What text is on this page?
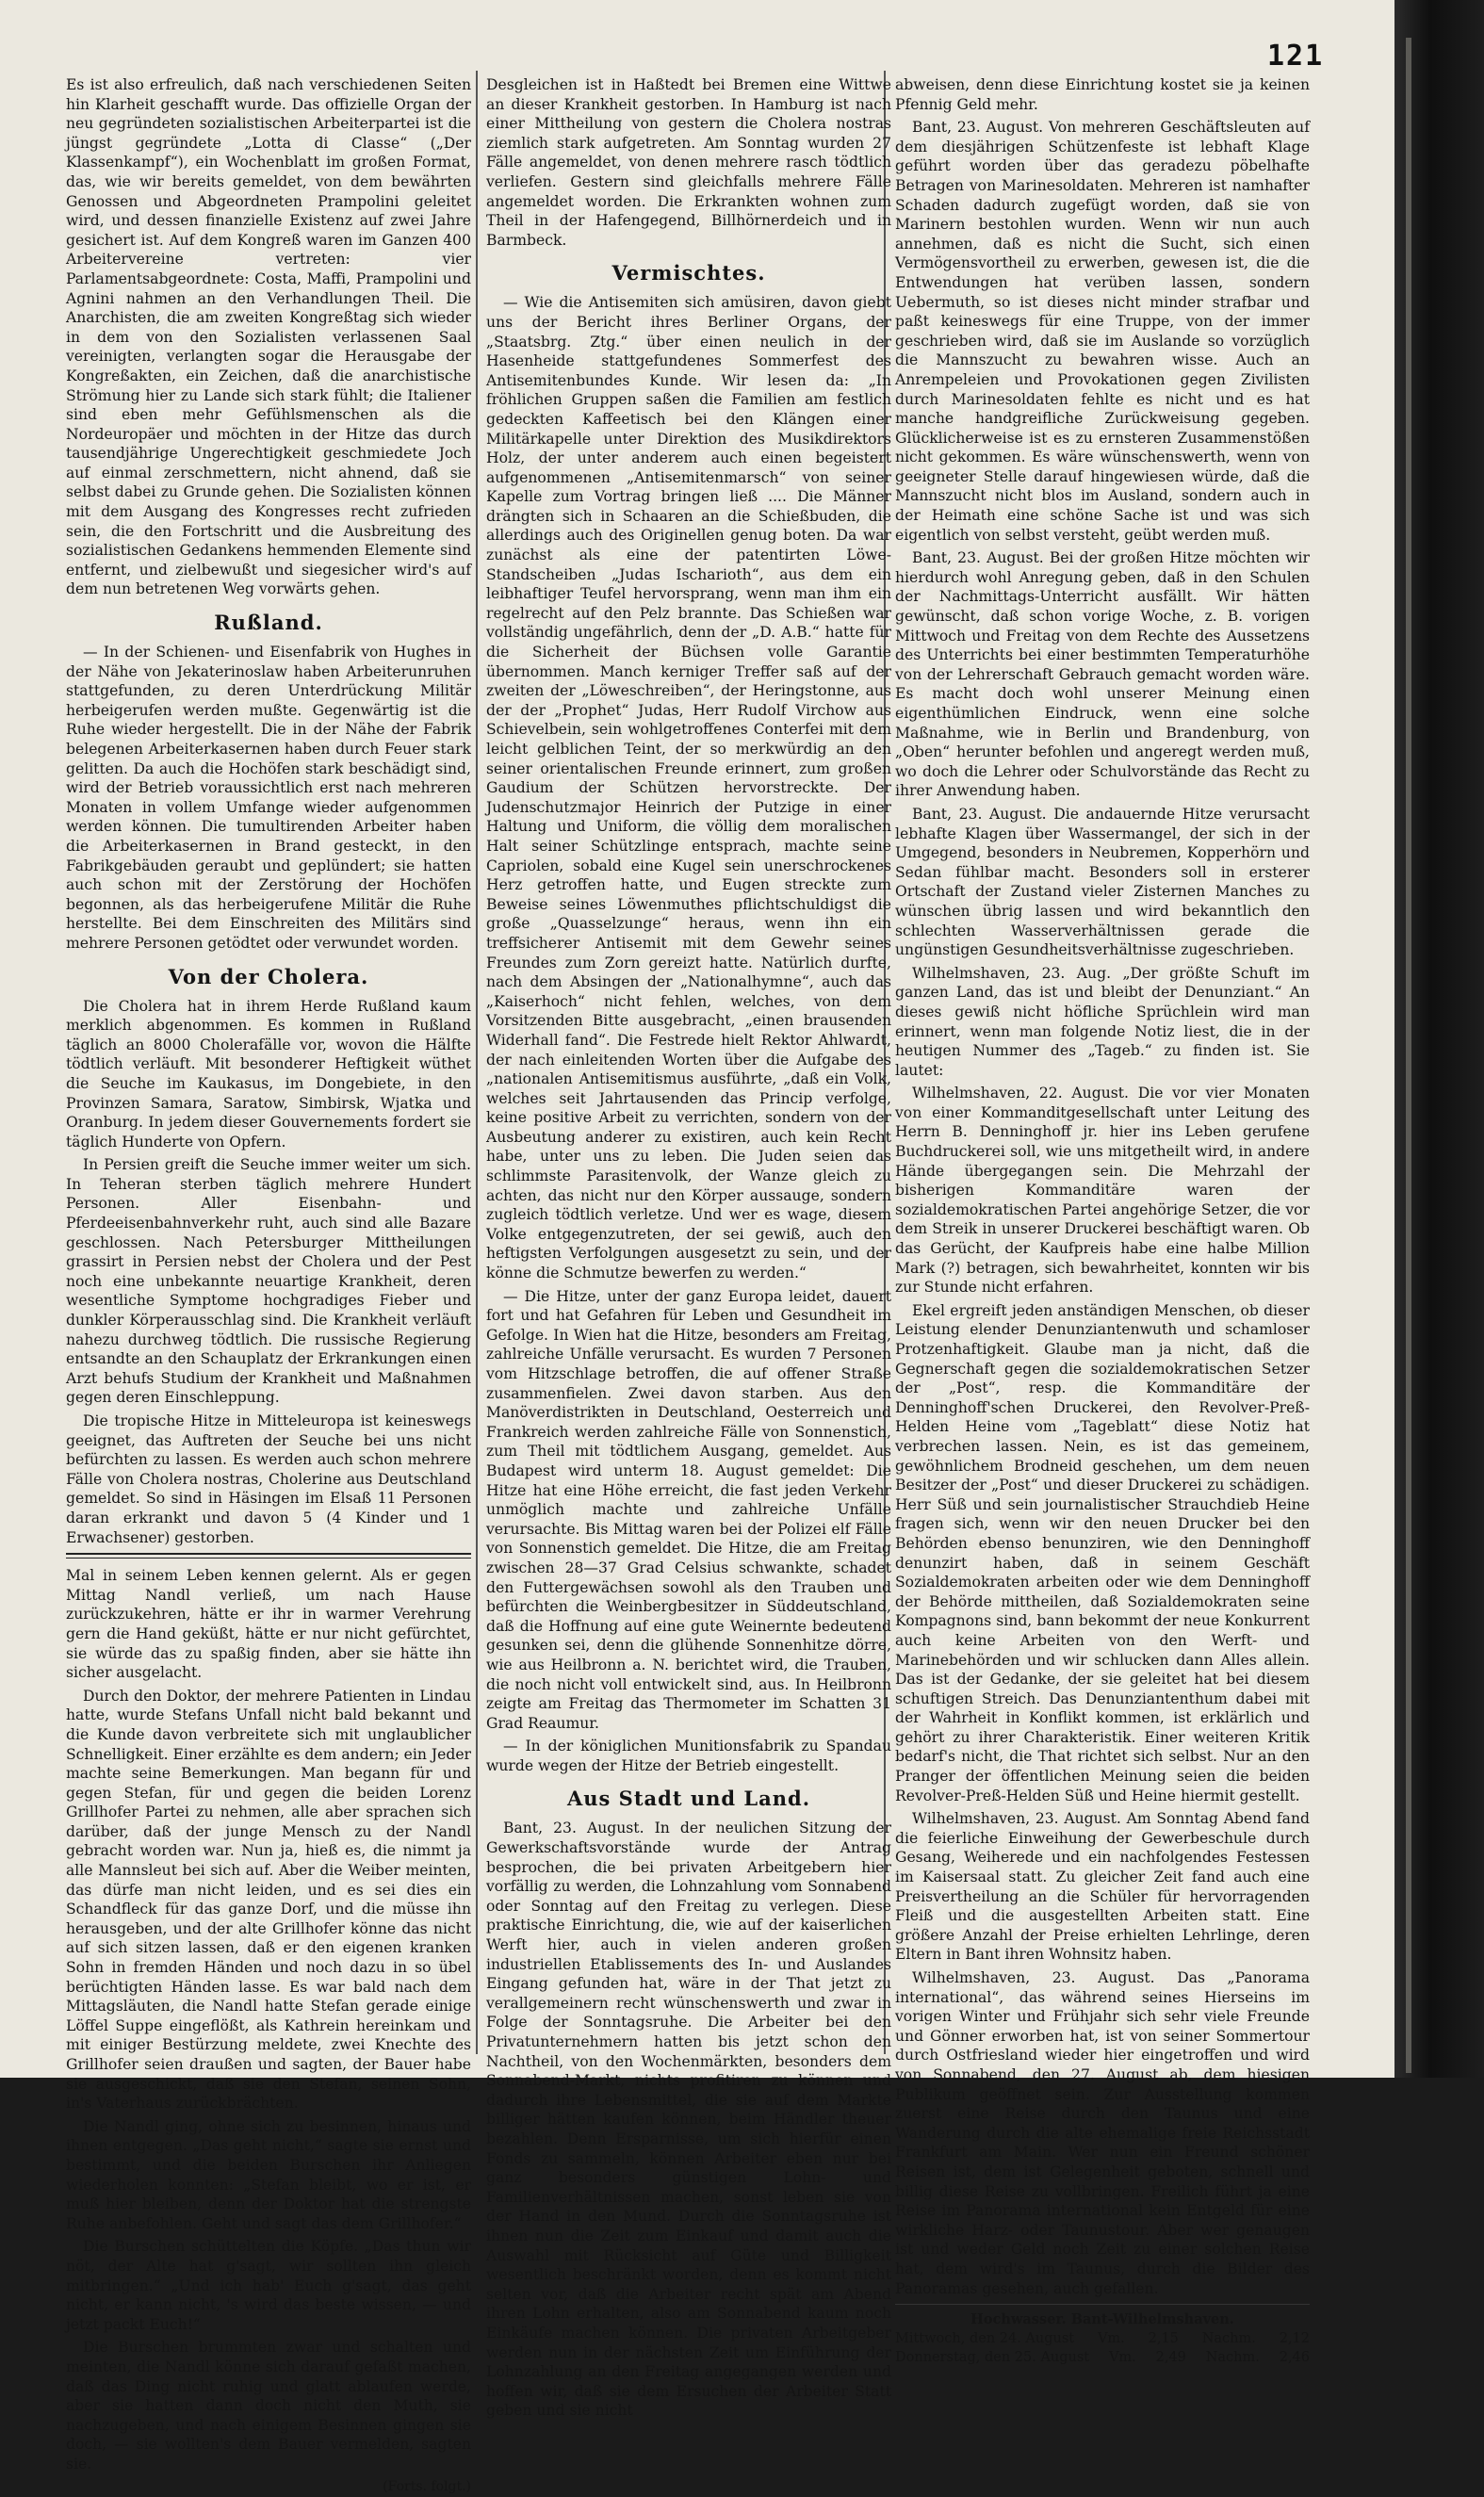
121

Es ist also erfreulich, daß nach verschiedenen Seiten hin Klarheit geschafft wurde. Das offizielle Organ der neu gegründeten sozialistischen Arbeiterpartei ist die jüngst gegründete „Lotta di Classe“ („Der Klassenkampf“), ein Wochenblatt im großen Format, das, wie wir bereits gemeldet, von dem bewährten Genossen und Abgeordneten Prampolini geleitet wird, und dessen finanzielle Existenz auf zwei Jahre gesichert ist. Auf dem Kongreß waren im Ganzen 400 Arbeitervereine vertreten: vier Parlamentsabgeordnete: Costa, Maffi, Prampolini und Agnini nahmen an den Verhandlungen Theil. Die Anarchisten, die am zweiten Kongreßtag sich wieder in dem von den Sozialisten verlassenen Saal vereinigten, verlangten sogar die Herausgabe der Kongreßakten, ein Zeichen, daß die anarchistische Strömung hier zu Lande sich stark fühlt; die Italiener sind eben mehr Gefühlsmenschen als die Nordeuropäer und möchten in der Hitze das durch tausendjährige Ungerechtigkeit geschmiedete Joch auf einmal zerschmettern, nicht ahnend, daß sie selbst dabei zu Grunde gehen. Die Sozialisten können mit dem Ausgang des Kongresses recht zufrieden sein, die den Fortschritt und die Ausbreitung des sozialistischen Gedankens hemmenden Elemente sind entfernt, und zielbewußt und siegesicher wird's auf dem nun betretenen Weg vorwärts gehen.

Rußland.

— In der Schienen- und Eisenfabrik von Hughes in der Nähe von Jekaterinoslaw haben Arbeiterunruhen stattgefunden, zu deren Unterdrückung Militär herbeigerufen werden mußte. Gegenwärtig ist die Ruhe wieder hergestellt. Die in der Nähe der Fabrik belegenen Arbeiterkasernen haben durch Feuer stark gelitten. Da auch die Hochöfen stark beschädigt sind, wird der Betrieb voraussichtlich erst nach mehreren Monaten in vollem Umfange wieder aufgenommen werden können. Die tumultirenden Arbeiter haben die Arbeiterkasernen in Brand gesteckt, in den Fabrikgebäuden geraubt und geplündert; sie hatten auch schon mit der Zerstörung der Hochöfen begonnen, als das herbeigerufene Militär die Ruhe herstellte. Bei dem Einschreiten des Militärs sind mehrere Personen getödtet oder verwundet worden.

Von der Cholera.

Die Cholera hat in ihrem Herde Rußland kaum merklich abgenommen. Es kommen in Rußland täglich an 8000 Cholerafälle vor, wovon die Hälfte tödtlich verläuft. Mit besonderer Heftigkeit wüthet die Seuche im Kaukasus, im Dongebiete, in den Provinzen Samara, Saratow, Simbirsk, Wjatka und Oranburg. In jedem dieser Gouvernements fordert sie täglich Hunderte von Opfern.

In Persien greift die Seuche immer weiter um sich. In Teheran sterben täglich mehrere Hundert Personen. Aller Eisenbahn- und Pferdeeisenbahnverkehr ruht, auch sind alle Bazare geschlossen. Nach Petersburger Mittheilungen grassirt in Persien nebst der Cholera und der Pest noch eine unbekannte neuartige Krankheit, deren wesentliche Symptome hochgradiges Fieber und dunkler Körperausschlag sind. Die Krankheit verläuft nahezu durchweg tödtlich. Die russische Regierung entsandte an den Schauplatz der Erkrankungen einen Arzt behufs Studium der Krankheit und Maßnahmen gegen deren Einschleppung.

Die tropische Hitze in Mitteleuropa ist keineswegs geeignet, das Auftreten der Seuche bei uns nicht befürchten zu lassen. Es werden auch schon mehrere Fälle von Cholera nostras, Cholerine aus Deutschland gemeldet. So sind in Häsingen im Elsaß 11 Personen daran erkrankt und davon 5 (4 Kinder und 1 Erwachsener) gestorben.

Mal in seinem Leben kennen gelernt. Als er gegen Mittag Nandl verließ, um nach Hause zurückzukehren, hätte er ihr in warmer Verehrung gern die Hand geküßt, hätte er nur nicht gefürchtet, sie würde das zu spaßig finden, aber sie hätte ihn sicher ausgelacht.

Durch den Doktor, der mehrere Patienten in Lindau hatte, wurde Stefans Unfall nicht bald bekannt und die Kunde davon verbreitete sich mit unglaublicher Schnelligkeit. Einer erzählte es dem andern; ein Jeder machte seine Bemerkungen. Man begann für und gegen Stefan, für und gegen die beiden Lorenz Grillhofer Partei zu nehmen, alle aber sprachen sich darüber, daß der junge Mensch zu der Nandl gebracht worden war. Nun ja, hieß es, die nimmt ja alle Mannsleut bei sich auf. Aber die Weiber meinten, das dürfe man nicht leiden, und es sei dies ein Schandfleck für das ganze Dorf, und die müsse ihn herausgeben, und der alte Grillhofer könne das nicht auf sich sitzen lassen, daß er den eigenen kranken Sohn in fremden Händen und noch dazu in so übel berüchtigten Händen lasse. Es war bald nach dem Mittagsläuten, die Nandl hatte Stefan gerade einige Löffel Suppe eingeflößt, als Kathrein hereinkam und mit einiger Bestürzung meldete, zwei Knechte des Grillhofer seien draußen und sagten, der Bauer habe sie ausgeschickt, daß sie den Stefan, seinen Sohn, in's Vaterhaus zurückbrächten.

Die Nandl ging, ohne sich zu besinnen, hinaus und ihnen entgegen. „Das geht nicht,“ sagte sie ernst und bestimmt, und die beiden Burschen ihr Anliegen wiederholen konnten: „Stefan bleibt, wo er ist, er muß hier bleiben, denn der Doktor hat die strengste Ruhe anbefohlen. Geht und sagt das dem Grillhofer.“

Die Burschen schüttelten die Köpfe. „Das thun wir nöt, der Alte hat g'sagt, wir sollten ihn gleich mitbringen.“ „Und ich hab' Euch g'sagt, das geht nicht, er kann nicht, 's wird das beste wissen, — und jetzt packt Euch!“

Die Burschen brummten zwar und schalten und meinten, die Nandl könne sich darauf gefaßt machen, daß das Ding nicht ruhig und glatt ablaufen werde, aber sie hatten dann doch nicht den Muth, sie nachzugeben, und nach einigem Besinnen gingen sie doch, — sie wollten's dem Bauer vermelden, sagten sie.

(Forts. folgt.)

Desgleichen ist in Haßtedt bei Bremen eine Wittwe an dieser Krankheit gestorben. In Hamburg ist nach einer Mittheilung von gestern die Cholera nostras ziemlich stark aufgetreten. Am Sonntag wurden 27 Fälle angemeldet, von denen mehrere rasch tödtlich verliefen. Gestern sind gleichfalls mehrere Fälle angemeldet worden. Die Erkrankten wohnen zum Theil in der Hafengegend, Billhörnerdeich und in Barmbeck.

Vermischtes.

— Wie die Antisemiten sich amüsiren, davon giebt uns der Bericht ihres Berliner Organs, der „Staatsbrg. Ztg.“ über einen neulich in der Hasenheide stattgefundenes Sommerfest des Antisemitenbundes Kunde. Wir lesen da: „In fröhlichen Gruppen saßen die Familien am festlich gedeckten Kaffeetisch bei den Klängen einer Militärkapelle unter Direktion des Musikdirektors Holz, der unter anderem auch einen begeistert aufgenommenen „Antisemitenmarsch“ von seiner Kapelle zum Vortrag bringen ließ .... Die Männer drängten sich in Schaaren an die Schießbuden, die allerdings auch des Originellen genug boten. Da war zunächst als eine der patentirten Löwe-Standscheiben „Judas Ischarioth“, aus dem ein leibhaftiger Teufel hervorsprang, wenn man ihm ein regelrecht auf den Pelz brannte. Das Schießen war vollständig ungefährlich, denn der „D. A.B.“ hatte für die Sicherheit der Büchsen volle Garantie übernommen. Manch kerniger Treffer saß auf der zweiten der „Löweschreiben“, der Heringstonne, aus der der „Prophet“ Judas, Herr Rudolf Virchow aus Schievelbein, sein wohlgetroffenes Conterfei mit dem leicht gelblichen Teint, der so merkwürdig an den seiner orientalischen Freunde erinnert, zum großen Gaudium der Schützen hervorstreckte. Der Judenschutzmajor Heinrich der Putzige in einer Haltung und Uniform, die völlig dem moralischen Halt seiner Schützlinge entsprach, machte seine Capriolen, sobald eine Kugel sein unerschrockenes Herz getroffen hatte, und Eugen streckte zum Beweise seines Löwenmuthes pflichtschuldigst die große „Quasselzunge“ heraus, wenn ihn ein treffsicherer Antisemit mit dem Gewehr seines Freundes zum Zorn gereizt hatte. Natürlich durfte, nach dem Absingen der „Nationalhymne“, auch das „Kaiserhoch“ nicht fehlen, welches, von dem Vorsitzenden Bitte ausgebracht, „einen brausenden Widerhall fand“. Die Festrede hielt Rektor Ahlwardt, der nach einleitenden Worten über die Aufgabe des „nationalen Antisemitismus ausführte, „daß ein Volk, welches seit Jahrtausenden das Princip verfolge, keine positive Arbeit zu verrichten, sondern von der Ausbeutung anderer zu existiren, auch kein Recht habe, unter uns zu leben. Die Juden seien das schlimmste Parasitenvolk, der Wanze gleich zu achten, das nicht nur den Körper aussauge, sondern zugleich tödtlich verletze. Und wer es wage, diesem Volke entgegenzutreten, der sei gewiß, auch den heftigsten Verfolgungen ausgesetzt zu sein, und der könne die Schmutze bewerfen zu werden.“

— Die Hitze, unter der ganz Europa leidet, dauert fort und hat Gefahren für Leben und Gesundheit im Gefolge. In Wien hat die Hitze, besonders am Freitag, zahlreiche Unfälle verursacht. Es wurden 7 Personen vom Hitzschlage betroffen, die auf offener Straße zusammenfielen. Zwei davon starben. Aus den Manöverdistrikten in Deutschland, Oesterreich und Frankreich werden zahlreiche Fälle von Sonnenstich, zum Theil mit tödtlichem Ausgang, gemeldet. Aus Budapest wird unterm 18. August gemeldet: Die Hitze hat eine Höhe erreicht, die fast jeden Verkehr unmöglich machte und zahlreiche Unfälle verursachte. Bis Mittag waren bei der Polizei elf Fälle von Sonnenstich gemeldet. Die Hitze, die am Freitag zwischen 28—37 Grad Celsius schwankte, schadet den Futtergewächsen sowohl als den Trauben und befürchten die Weinbergbesitzer in Süddeutschland, daß die Hoffnung auf eine gute Weinernte bedeutend gesunken sei, denn die glühende Sonnenhitze dörre, wie aus Heilbronn a. N. berichtet wird, die Trauben, die noch nicht voll entwickelt sind, aus. In Heilbronn zeigte am Freitag das Thermometer im Schatten 31 Grad Reaumur.

— In der königlichen Munitionsfabrik zu Spandau wurde wegen der Hitze der Betrieb eingestellt.

Aus Stadt und Land.

Bant, 23. August. In der neulichen Sitzung der Gewerkschaftsvorstände wurde der Antrag besprochen, die bei privaten Arbeitgebern hier vorfällig zu werden, die Lohnzahlung vom Sonnabend oder Sonntag auf den Freitag zu verlegen. Diese praktische Einrichtung, die, wie auf der kaiserlichen Werft hier, auch in vielen anderen großen industriellen Etablissements des In- und Auslandes Eingang gefunden hat, wäre in der That jetzt zu verallgemeinern recht wünschenswerth und zwar in Folge der Sonntagsruhe. Die Arbeiter bei den Privatunternehmern hatten bis jetzt schon den Nachtheil, von den Wochenmärkten, besonders dem Sonnabend-Markt, nichts profitiren zu können und dadurch ihre Lebensmittel, die sie auf dem Markte billiger hätten kaufen können, beim Händler theuer bezahlen. Denn Ersparnisse, um sich hierfür einen Fonds zu sammeln, können Arbeiter eben nur bei ganz besonders günstigen Lohn- und Familienverhältnissen machen, sonst leben sie von der Hand in den Mund. Durch die Sonntagsruhe ist ihnen nun die Zeit zum Einkauf und damit auch die Auswahl mit Rücksicht auf Güte und Billigkeit wesentlich beschränkt worden, denn es kommt nicht selten vor, daß die Arbeiter recht spät am Abend ihren Lohn erhalten, also am Sonnabend kaum noch Einkäufe machen können. Die privaten Arbeitgeber werden nun in der nächsten Zeit um Einführung der Lohnzahlung an den Freitag angegangen werden und hoffen wir, daß sie dem Ersuchen der Arbeiter Statt geben und sie nicht

abweisen, denn diese Einrichtung kostet sie ja keinen Pfennig Geld mehr.

Bant, 23. August. Von mehreren Geschäftsleuten auf dem diesjährigen Schützenfeste ist lebhaft Klage geführt worden über das geradezu pöbelhafte Betragen von Marinesoldaten. Mehreren ist namhafter Schaden dadurch zugefügt worden, daß sie von Marinern bestohlen wurden. Wenn wir nun auch annehmen, daß es nicht die Sucht, sich einen Vermögensvortheil zu erwerben, gewesen ist, die die Entwendungen hat verüben lassen, sondern Uebermuth, so ist dieses nicht minder strafbar und paßt keineswegs für eine Truppe, von der immer geschrieben wird, daß sie im Auslande so vorzüglich die Mannszucht zu bewahren wisse. Auch an Anrempeleien und Provokationen gegen Zivilisten durch Marinesoldaten fehlte es nicht und es hat manche handgreifliche Zurückweisung gegeben. Glücklicherweise ist es zu ernsteren Zusammenstößen nicht gekommen. Es wäre wünschenswerth, wenn von geeigneter Stelle darauf hingewiesen würde, daß die Mannszucht nicht blos im Ausland, sondern auch in der Heimath eine schöne Sache ist und was sich eigentlich von selbst versteht, geübt werden muß.

Bant, 23. August. Bei der großen Hitze möchten wir hierdurch wohl Anregung geben, daß in den Schulen der Nachmittags-Unterricht ausfällt. Wir hätten gewünscht, daß schon vorige Woche, z. B. vorigen Mittwoch und Freitag von dem Rechte des Aussetzens des Unterrichts bei einer bestimmten Temperaturhöhe von der Lehrerschaft Gebrauch gemacht worden wäre. Es macht doch wohl unserer Meinung einen eigenthümlichen Eindruck, wenn eine solche Maßnahme, wie in Berlin und Brandenburg, von „Oben“ herunter befohlen und angeregt werden muß, wo doch die Lehrer oder Schulvorstände das Recht zu ihrer Anwendung haben.

Bant, 23. August. Die andauernde Hitze verursacht lebhafte Klagen über Wassermangel, der sich in der Umgegend, besonders in Neubremen, Kopperhörn und Sedan fühlbar macht. Besonders soll in ersterer Ortschaft der Zustand vieler Zisternen Manches zu wünschen übrig lassen und wird bekanntlich den schlechten Wasserverhältnissen gerade die ungünstigen Gesundheitsverhältnisse zugeschrieben.

Wilhelmshaven, 23. Aug. „Der größte Schuft im ganzen Land, das ist und bleibt der Denunziant.“ An dieses gewiß nicht höfliche Sprüchlein wird man erinnert, wenn man folgende Notiz liest, die in der heutigen Nummer des „Tageb.“ zu finden ist. Sie lautet:

Wilhelmshaven, 22. August. Die vor vier Monaten von einer Kommanditgesellschaft unter Leitung des Herrn B. Denninghoff jr. hier ins Leben gerufene Buchdruckerei soll, wie uns mitgetheilt wird, in andere Hände übergegangen sein. Die Mehrzahl der bisherigen Kommanditäre waren der sozialdemokratischen Partei angehörige Setzer, die vor dem Streik in unserer Druckerei beschäftigt waren. Ob das Gerücht, der Kaufpreis habe eine halbe Million Mark (?) betragen, sich bewahrheitet, konnten wir bis zur Stunde nicht erfahren.

Ekel ergreift jeden anständigen Menschen, ob dieser Leistung elender Denunziantenwuth und schamloser Protzenhaftigkeit. Glaube man ja nicht, daß die Gegnerschaft gegen die sozialdemokratischen Setzer der „Post“, resp. die Kommanditäre der Denninghoff'schen Druckerei, den Revolver-Preß-Helden Heine vom „Tageblatt“ diese Notiz hat verbrechen lassen. Nein, es ist das gemeinem, gewöhnlichem Brodneid geschehen, um dem neuen Besitzer der „Post“ und dieser Druckerei zu schädigen. Herr Süß und sein journalistischer Strauchdieb Heine fragen sich, wenn wir den neuen Drucker bei den Behörden ebenso benunziren, wie den Denninghoff denunzirt haben, daß in seinem Geschäft Sozialdemokraten arbeiten oder wie dem Denninghoff der Behörde mittheilen, daß Sozialdemokraten seine Kompagnons sind, bann bekommt der neue Konkurrent auch keine Arbeiten von den Werft- und Marinebehörden und wir schlucken dann Alles allein. Das ist der Gedanke, der sie geleitet hat bei diesem schuftigen Streich. Das Denunziantenthum dabei mit der Wahrheit in Konflikt kommen, ist erklärlich und gehört zu ihrer Charakteristik. Einer weiteren Kritik bedarf's nicht, die That richtet sich selbst. Nur an den Pranger der öffentlichen Meinung seien die beiden Revolver-Preß-Helden Süß und Heine hiermit gestellt.

Wilhelmshaven, 23. August. Am Sonntag Abend fand die feierliche Einweihung der Gewerbeschule durch Gesang, Weiherede und ein nachfolgendes Festessen im Kaisersaal statt. Zu gleicher Zeit fand auch eine Preisvertheilung an die Schüler für hervorragenden Fleiß und die ausgestellten Arbeiten statt. Eine größere Anzahl der Preise erhielten Lehrlinge, deren Eltern in Bant ihren Wohnsitz haben.

Wilhelmshaven, 23. August. Das „Panorama international“, das während seines Hierseins im vorigen Winter und Frühjahr sich sehr viele Freunde und Gönner erworben hat, ist von seiner Sommertour durch Ostfriesland wieder hier eingetroffen und wird von Sonnabend, den 27. August ab, dem hiesigen Publikum geöffnet sein. Zur Ausstellung kommen zuerst eine Reise durch den Taunus und eine Wanderung durch die alte ehemalige freie Reichsstadt Frankfurt am Main. Wer nun ein Freund schöner Reisen ist, dem ist Gelegenheit geboten, schnell und billig diese Reise zu vollbringen. Freilich führt ja eine Reise im Panorama international kein Entgeld für eine wirkliche Harz- oder Taunustour. Aber wer genaugen ist und weder Geld noch Zeit zu einer solchen Reise hat, dem wird's im Taunus, durch die Bilder des Panoramas gesehen, auch gefallen.

Hochwasser. Bant-Wilhelmshaven.
Mittwoch, den 24. August Vm. 2,15 Nachm. 2,12
Donnerstag, den 25. August Vm. 2,49 Nachm. 2,46
